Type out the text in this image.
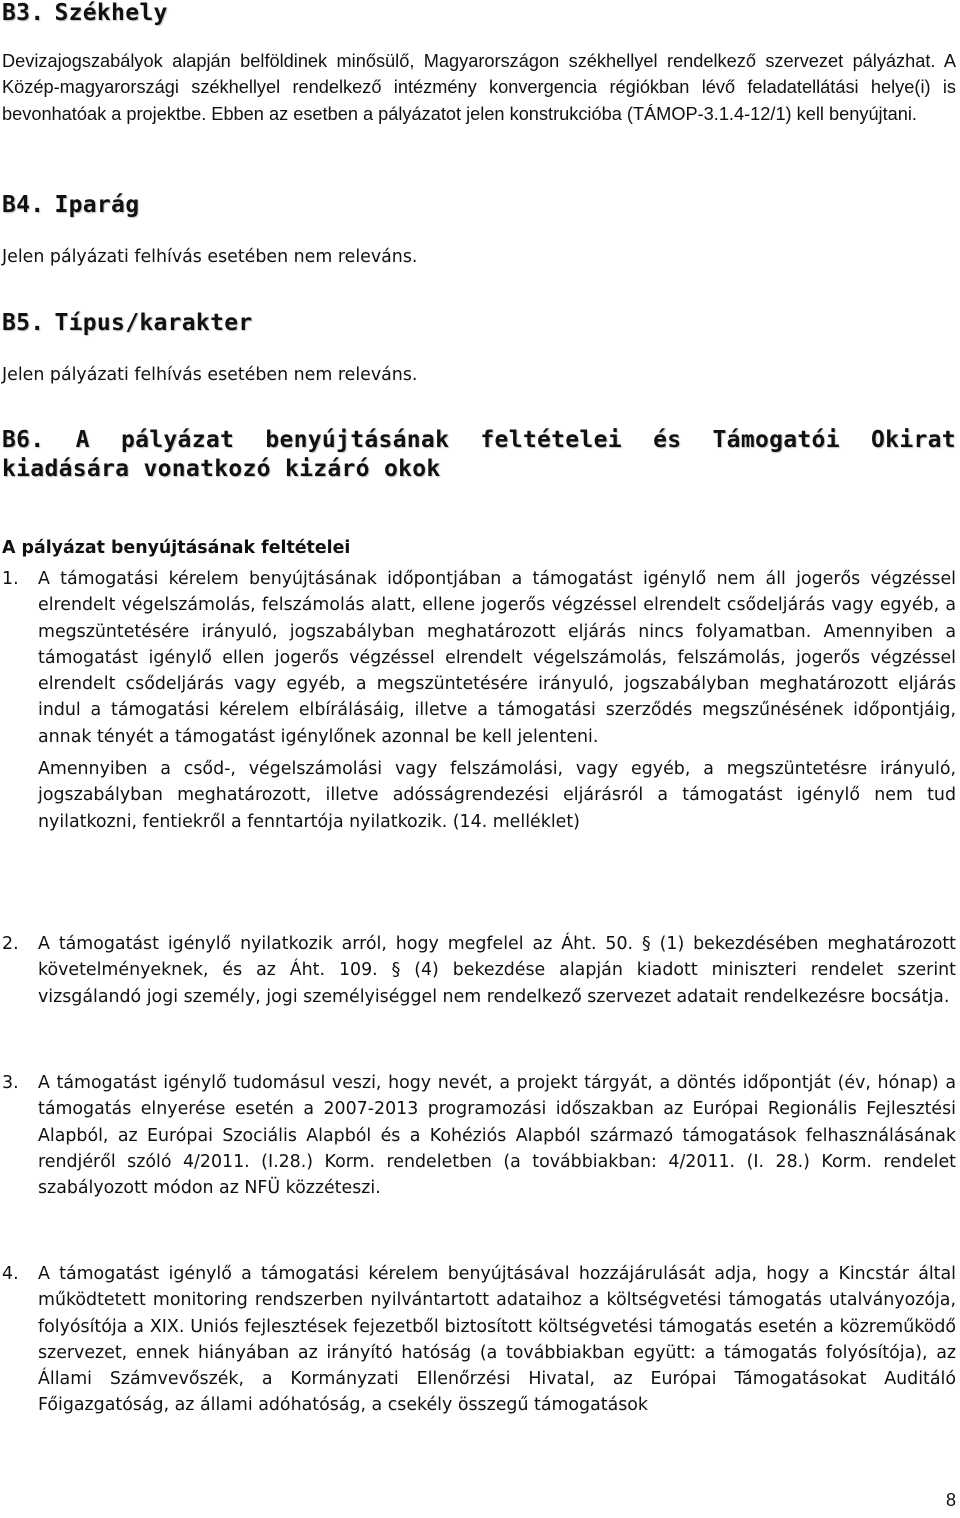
B3. Székhely

Devizajogszabályok alapján belföldinek minősülő, Magyarországon székhellyel rendelkező szervezet pályázhat. A Közép-magyarországi székhellyel rendelkező intézmény konvergencia régiókban lévő feladatellátási helye(i) is bevonhatóak a projektbe. Ebben az esetben a pályázatot jelen konstrukcióba (TÁMOP-3.1.4-12/1) kell benyújtani.

B4. Iparág
Jelen pályázati felhívás esetében nem releváns.
B5. Típus/karakter
Jelen pályázati felhívás esetében nem releváns.
B6. A pályázat benyújtásának feltételei és Támogatói Okirat
kiadására vonatkozó kizáró okok
A pályázat benyújtásának feltételei
1. A támogatási kérelem benyújtásának időpontjában a támogatást igénylő nem áll jogerős végzéssel elrendelt végelszámolás, felszámolás alatt, ellene jogerős végzéssel elrendelt csődeljárás vagy egyéb, a megszüntetésére irányuló, jogszabályban meghatározott eljárás nincs folyamatban. Amennyiben a támogatást igénylő ellen jogerős végzéssel elrendelt végelszámolás, felszámolás, jogerős végzéssel elrendelt csődeljárás vagy egyéb, a megszüntetésére irányuló, jogszabályban meghatározott eljárás indul a támogatási kérelem elbírálásáig, illetve a támogatási szerződés megszűnésének időpontjáig, annak tényét a támogatást igénylőnek azonnal be kell jelenteni.
Amennyiben a csőd-, végelszámolási vagy felszámolási, vagy egyéb, a megszüntetésre irányuló, jogszabályban meghatározott, illetve adósságrendezési eljárásról a támogatást igénylő nem tud nyilatkozni, fentiekről a fenntartója nyilatkozik. (14. melléklet)
2. A támogatást igénylő nyilatkozik arról, hogy megfelel az Áht. 50. § (1) bekezdésében meghatározott követelményeknek, és az Áht. 109. § (4) bekezdése alapján kiadott miniszteri rendelet szerint vizsgálandó jogi személy, jogi személyiséggel nem rendelkező szervezet adatait rendelkezésre bocsátja.
3. A támogatást igénylő tudomásul veszi, hogy nevét, a projekt tárgyát, a döntés időpontját (év, hónap) a támogatás elnyerése esetén a 2007-2013 programozási időszakban az Európai Regionális Fejlesztési Alapból, az Európai Szociális Alapból és a Kohéziós Alapból származó támogatások felhasználásának rendjéről szóló 4/2011. (I.28.) Korm. rendeletben (a továbbiakban: 4/2011. (I. 28.) Korm. rendelet szabályozott módon az NFÜ közzéteszi.
4. A támogatást igénylő a támogatási kérelem benyújtásával hozzájárulását adja, hogy a Kincstár által működtetett monitoring rendszerben nyilvántartott adataihoz a költségvetési támogatás utalványozója, folyósítója a XIX. Uniós fejlesztések fejezetből biztosított költségvetési támogatás esetén a közreműködő szervezet, ennek hiányában az irányító hatóság (a továbbiakban együtt: a támogatás folyósítója), az Állami Számvevőszék, a Kormányzati Ellenőrzési Hivatal, az Európai Támogatásokat Auditáló Főigazgatóság, az állami adóhatóság, a csekély összegű támogatások
8
